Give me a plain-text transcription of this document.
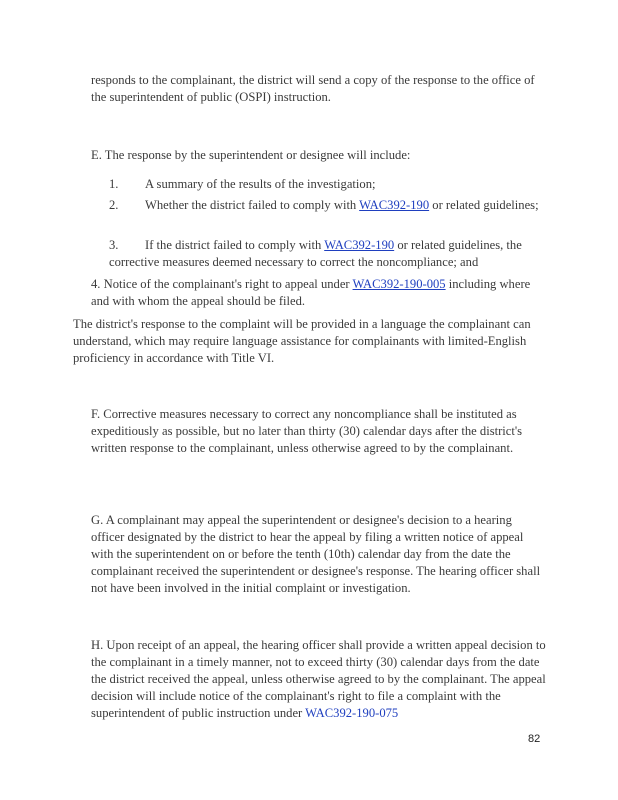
responds to the complainant, the district will send a copy of the response to the office of the superintendent of public (OSPI) instruction.

E. The response by the superintendent or designee will include:

1. A summary of the results of the investigation;

2. Whether the district failed to comply with WAC392-190 or related guidelines;

3. If the district failed to comply with WAC392-190 or related guidelines, the corrective measures deemed necessary to correct the noncompliance; and

4. Notice of the complainant's right to appeal under WAC392-190-005 including where and with whom the appeal should be filed.

The district's response to the complaint will be provided in a language the complainant can understand, which may require language assistance for complainants with limited-English proficiency in accordance with Title VI.

F. Corrective measures necessary to correct any noncompliance shall be instituted as expeditiously as possible, but no later than thirty (30) calendar days after the district's written response to the complainant, unless otherwise agreed to by the complainant.

G. A complainant may appeal the superintendent or designee's decision to a hearing officer designated by the district to hear the appeal by filing a written notice of appeal with the superintendent on or before the tenth (10th) calendar day from the date the complainant received the superintendent or designee's response. The hearing officer shall not have been involved in the initial complaint or investigation.

H. Upon receipt of an appeal, the hearing officer shall provide a written appeal decision to the complainant in a timely manner, not to exceed thirty (30) calendar days from the date the district received the appeal, unless otherwise agreed to by the complainant. The appeal decision will include notice of the complainant's right to file a complaint with the superintendent of public instruction under WAC392-190-075

82
